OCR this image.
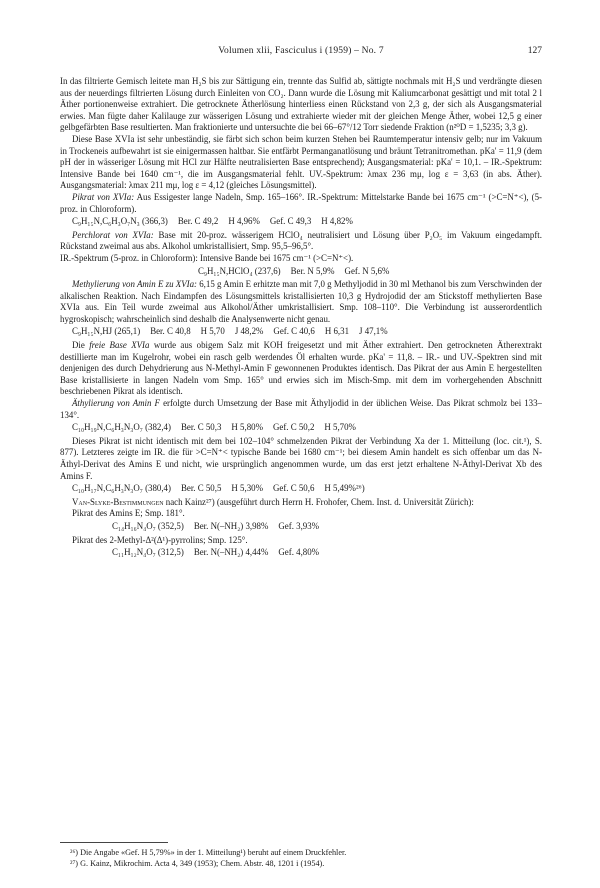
Volumen xlii, Fasciculus i (1959) – No. 7	127

In das filtrierte Gemisch leitete man H₂S bis zur Sättigung ein, trennte das Sulfid ab, sättigte nochmals mit H₂S und verdrängte diesen aus der neuerdings filtrierten Lösung durch Einleiten von CO₂. Dann wurde die Lösung mit Kaliumcarbonat gesättigt und mit total 2 l Äther portionenweise extrahiert. Die getrocknete Ätherlösung hinterliess einen Rückstand von 2,3 g, der sich als Ausgangsmaterial erwies. Man fügte daher Kalilauge zur wässerigen Lösung und extrahierte wieder mit der gleichen Menge Äther, wobei 12,5 g einer gelbgefärbten Base resultierten. Man fraktionierte und untersuchte die bei 66–67°/12 Torr siedende Fraktion (n²⁰D = 1,5235; 3,3 g).

Diese Base XVIa ist sehr unbeständig, sie färbt sich schon beim kurzen Stehen bei Raumtemperatur intensiv gelb; nur im Vakuum in Trockeneis aufbewahrt ist sie einigermassen haltbar. Sie entfärbt Permanganatlösung und bräunt Tetranitromethan. pKa' = 11,9 (dem pH der in wässeriger Lösung mit HCl zur Hälfte neutralisierten Base entsprechend); Ausgangsmaterial: pKa' = 10,1. – IR.-Spektrum: Intensive Bande bei 1640 cm⁻¹, die im Ausgangsmaterial fehlt. UV.-Spektrum: λmax 236 mμ, log ε = 3,63 (in abs. Äther). Ausgangsmaterial: λmax 211 mμ, log ε = 4,12 (gleiches Lösungsmittel).

Pikrat von XVIa: Aus Essigester lange Nadeln, Smp. 165–166°. IR.-Spektrum: Mittelstarke Bande bei 1675 cm⁻¹ (>C=N⁺<), (5-proz. in Chloroform).

C₉H₁₅N,C₆H₃O₇N₃ (366,3) Ber. C 49,2 H 4,96% Gef. C 49,3 H 4,82%

Perchlorat von XVIa: Base mit 20-proz. wässerigem HClO₄ neutralisiert und Lösung über P₂O₅ im Vakuum eingedampft. Rückstand zweimal aus abs. Alkohol umkristallisiert, Smp. 95,5–96,5°.

IR.-Spektrum (5-proz. in Chloroform): Intensive Bande bei 1675 cm⁻¹ (>C=N⁺<).

C₉H₁₅N,HClO₄ (237,6) Ber. N 5,9% Gef. N 5,6%

Methylierung von Amin E zu XVIa: 6,15 g Amin E erhitzte man mit 7,0 g Methyljodid in 30 ml Methanol bis zum Verschwinden der alkalischen Reaktion. Nach Eindampfen des Lösungsmittels kristallisierten 10,3 g Hydrojodid der am Stickstoff methylierten Base XVIa aus. Ein Teil wurde zweimal aus Alkohol/Äther umkristallisiert. Smp. 108–110°. Die Verbindung ist ausserordentlich hygroskopisch; wahrscheinlich sind deshalb die Analysenwerte nicht genau.

C₉H₁₅N,HJ (265,1) Ber. C 40,8 H 5,70 J 48,2% Gef. C 40,6 H 6,31 J 47,1%

Die freie Base XVIa wurde aus obigem Salz mit KOH freigesetzt und mit Äther extrahiert. Den getrockneten Ätherextrakt destillierte man im Kugelrohr, wobei ein rasch gelb werdendes Öl erhalten wurde. pKa' = 11,8. – IR.- und UV.-Spektren sind mit denjenigen des durch Dehydrierung aus N-Methyl-Amin F gewonnenen Produktes identisch. Das Pikrat der aus Amin E hergestellten Base kristallisierte in langen Nadeln vom Smp. 165° und erwies sich im Misch-Smp. mit dem im vorhergehenden Abschnitt beschriebenen Pikrat als identisch.

Äthylierung von Amin F erfolgte durch Umsetzung der Base mit Äthyljodid in der üblichen Weise. Das Pikrat schmolz bei 133–134°.

C₁₀H₁₉N,C₆H₃N₃O₇ (382,4) Ber. C 50,3 H 5,80% Gef. C 50,2 H 5,70%

Dieses Pikrat ist nicht identisch mit dem bei 102–104° schmelzenden Pikrat der Verbindung Xa der 1. Mitteilung (loc. cit.¹), S. 877). Letzteres zeigte im IR. die für >C=N⁺< typische Bande bei 1680 cm⁻¹; bei diesem Amin handelt es sich offenbar um das N-Äthyl-Derivat des Amins E und nicht, wie ursprünglich angenommen wurde, um das erst jetzt erhaltene N-Äthyl-Derivat Xb des Amins F.

C₁₀H₁₇N,C₆H₃N₃O₇ (380,4) Ber. C 50,5 H 5,30% Gef. C 50,6 H 5,49%²⁶)

Van-Slyke-Bestimmungen nach Kainz²⁷) (ausgeführt durch Herrn H. Frohofer, Chem. Inst. d. Universität Zürich):

Pikrat des Amins E; Smp. 181°.

C₁₄H₁₆N₄O₇ (352,5) Ber. N(–NH₂) 3,98% Gef. 3,93%

Pikrat des 2-Methyl-Δ²(Δ¹)-pyrrolins; Smp. 125°.

C₁₁H₁₂N₄O₇ (312,5) Ber. N(–NH₂) 4,44% Gef. 4,80%

²⁶) Die Angabe «Gef. H 5,79%» in der 1. Mitteilung¹) beruht auf einem Druckfehler.

²⁷) G. Kainz, Mikrochim. Acta 4, 349 (1953); Chem. Abstr. 48, 1201 i (1954).
